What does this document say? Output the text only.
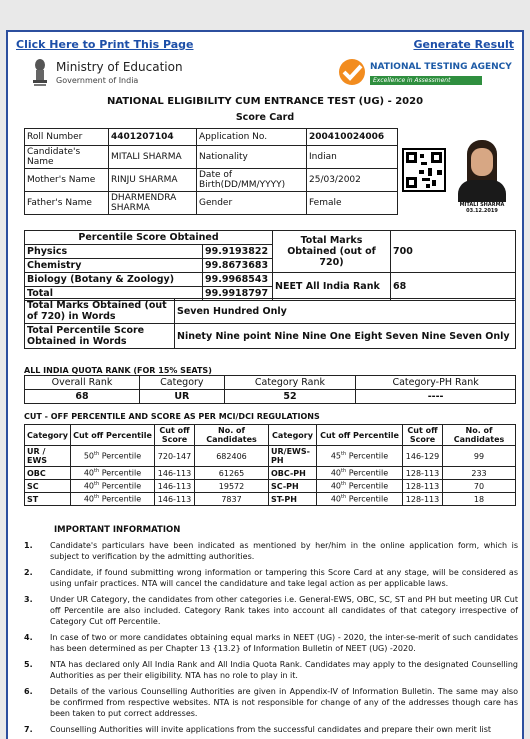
Click Here to Print This Page	Generate Result
Ministry of Education
Government of India
NATIONAL TESTING AGENCY
Excellence in Assessment
NATIONAL ELIGIBILITY CUM ENTRANCE TEST (UG) - 2020
Score Card
Roll Number	4401207104	Application No.	200410024006
Candidate's Name	MITALI SHARMA	Nationality	Indian
Mother's Name	RINJU SHARMA	Date of Birth(DD/MM/YYYY)	25/03/2002
Father's Name	DHARMENDRA SHARMA	Gender	Female	MITALI SHARMA
03.12.2019
Percentile Score Obtained		Total Marks Obtained (out of 720)	700
Physics	99.9193822		
Chemistry	99.8673683		
Biology (Botany & Zoology)	99.9968543	NEET All India Rank	68
Total	99.9918797		
Total Marks Obtained (out of 720) in Words	Seven Hundred Only
Total Percentile Score Obtained in Words	Ninety Nine point Nine Nine One Eight Seven Nine Seven Only
ALL INDIA QUOTA RANK (FOR 15% SEATS)
Overall Rank	Category	Category Rank	Category-PH Rank
68	UR	52	----
CUT - OFF PERCENTILE AND SCORE AS PER MCI/DCI REGULATIONS
Category	Cut off Percentile	Cut off Score	No. of Candidates	Category	Cut off Percentile	Cut off Score	No. of Candidates
UR / EWS	50th Percentile	720-147	682406	UR/EWS-PH	45th Percentile	146-129	99
OBC	40th Percentile	146-113	61265	OBC-PH	40th Percentile	128-113	233
SC	40th Percentile	146-113	19572	SC-PH	40th Percentile	128-113	70
ST	40th Percentile	146-113	7837	ST-PH	40th Percentile	128-113	18
IMPORTANT INFORMATION
1. Candidate's particulars have been indicated as mentioned by her/him in the online application form, which is subject to verification by the admitting authorities.
2. Candidate, if found submitting wrong information or tampering this Score Card at any stage, will be considered as using unfair practices. NTA will cancel the candidature and take legal action as per applicable laws.
3. Under UR Category, the candidates from other categories i.e. General-EWS, OBC, SC, ST and PH but meeting UR Cut off Percentile are also included. Category Rank takes into account all candidates of that category irrespective of Category Cut off Percentile.
4. In case of two or more candidates obtaining equal marks in NEET (UG) - 2020, the inter-se-merit of such candidates has been determined as per Chapter 13 {13.2} of Information Bulletin of NEET (UG) -2020.
5. NTA has declared only All India Rank and All India Quota Rank. Candidates may apply to the designated Counselling Authorities as per their eligibility. NTA has no role to play in it.
6. Details of the various Counselling Authorities are given in Appendix-IV of Information Bulletin. The same may also be confirmed from respective websites. NTA is not responsible for change of any of the addresses though care has been taken to put correct addresses.
7. Counselling Authorities will invite applications from the successful candidates and prepare their own merit list
